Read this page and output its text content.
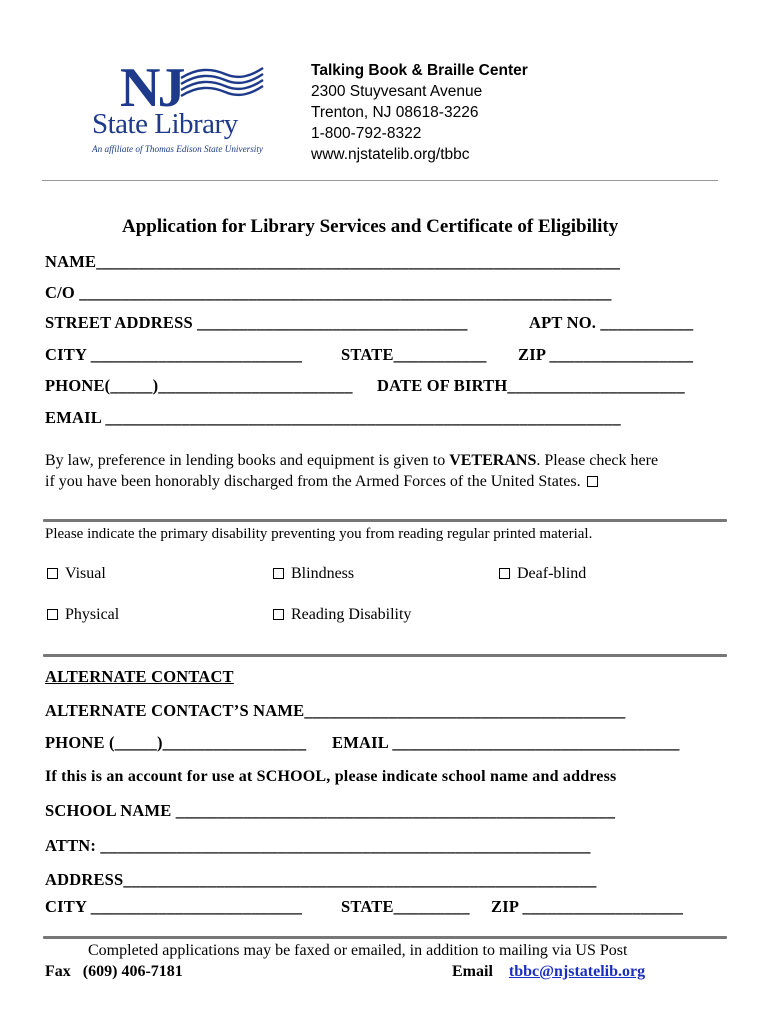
NJ
State Library
An affiliate of Thomas Edison State University
Talking Book & Braille Center
2300 Stuyvesant Avenue
Trenton, NJ 08618-3226
1-800-792-8322
www.njstatelib.org/tbbc
Application for Library Services and Certificate of Eligibility
NAME______________________________________________________________
C/O _______________________________________________________________
STREET ADDRESS ________________________________	APT NO. ___________
CITY _________________________ STATE___________ ZIP _________________
PHONE(_____)_______________________ DATE OF BIRTH_____________________
EMAIL _____________________________________________________________
By law, preference in lending books and equipment is given to VETERANS. Please check here
if you have been honorably discharged from the Armed Forces of the United States.
Please indicate the primary disability preventing you from reading regular printed material.
Visual	Blindness	Deaf-blind
Physical	Reading Disability
ALTERNATE CONTACT
ALTERNATE CONTACT’S NAME______________________________________
PHONE (_____)_________________ EMAIL __________________________________
If this is an account for use at SCHOOL, please indicate school name and address
SCHOOL NAME ____________________________________________________
ATTN: __________________________________________________________
ADDRESS________________________________________________________
CITY _________________________ STATE_________ ZIP ___________________
Completed applications may be faxed or emailed, in addition to mailing via US Post
Fax (609) 406-7181	Email tbbc@njstatelib.org
